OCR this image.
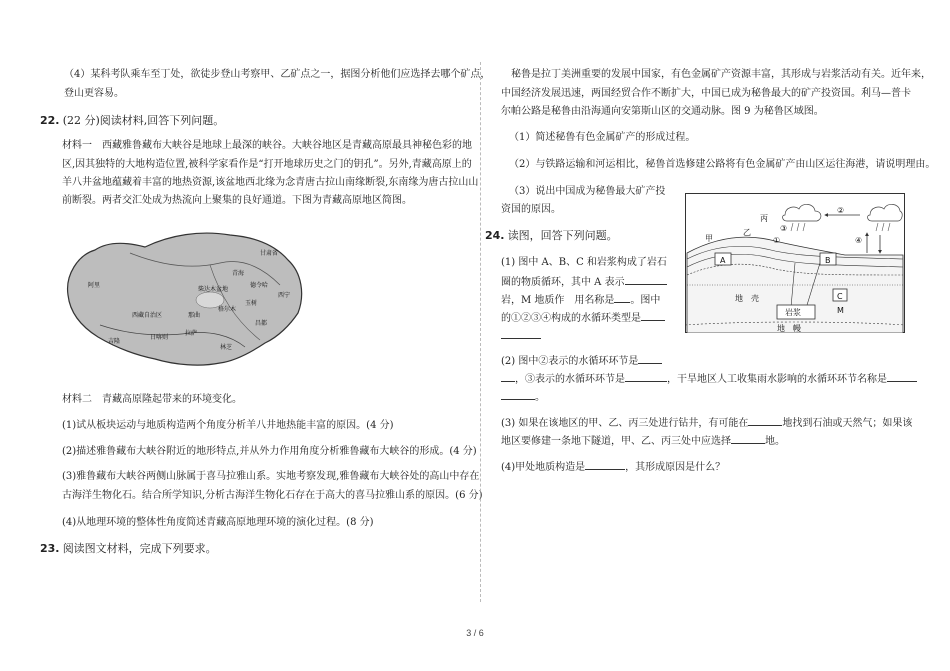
（4）某科考队乘车至丁处，欲徒步登山考察甲、乙矿点之一，据图分析他们应选择去哪个矿点，

登山更容易。

22. (22 分)阅读材料,回答下列问题。

材料一　西藏雅鲁藏布大峡谷是地球上最深的峡谷。大峡谷地区是青藏高原最具神秘色彩的地

区,因其独特的大地构造位置,被科学家看作是“打开地球历史之门的钥孔”。另外,青藏高原上的

羊八井盆地蕴藏着丰富的地热资源,该盆地西北缘为念青唐古拉山南缘断裂,东南缘为唐古拉山山

前断裂。两者交汇处成为热流向上聚集的良好通道。下图为青藏高原地区简图。

材料二　青藏高原隆起带来的环境变化。

(1)试从板块运动与地质构造两个角度分析羊八井地热能丰富的原因。(4 分)

(2)描述雅鲁藏布大峡谷附近的地形特点,并从外力作用角度分析雅鲁藏布大峡谷的形成。(4 分)

(3)雅鲁藏布大峡谷两侧山脉属于喜马拉雅山系。实地考察发现,雅鲁藏布大峡谷处的高山中存在

古海洋生物化石。结合所学知识,分析古海洋生物化石存在于高大的喜马拉雅山系的原因。(6 分)

(4)从地理环境的整体性角度简述青藏高原地理环境的演化过程。(8 分)

23. 阅读图文材料，完成下列要求。

柴达木盆地
青海
西藏自治区
甘肃省
吉隆
日喀则
拉萨
那曲
玉树
格尔木
德令哈
西宁
林芝
昌都
阿里

秘鲁是拉丁美洲重要的发展中国家，有色金属矿产资源丰富，其形成与岩浆活动有关。近年来，

中国经济发展迅速，两国经贸合作不断扩大，中国已成为秘鲁最大的矿产投资国。利马—普卡

尔帕公路是秘鲁由沿海通向安第斯山区的交通动脉。图 9 为秘鲁区域图。

（1）简述秘鲁有色金属矿产的形成过程。

（2）与铁路运输和河运相比，秘鲁首选修建公路将有色金属矿产由山区运往海港，请说明理由。

（3）说出中国成为秘鲁最大矿产投

资国的原因。

24. 读图，回答下列问题。

(1) 图中 A、B、C 和岩浆构成了岩石

圈的物质循环，其中 A 表示

岩，M 地质作　用名称是 。图中

的①②③④构成的水循环类型是

(2) 图中②表示的水循环环节是

，③表示的水循环环节是	，干旱地区人工收集雨水影响的水循环环节名称是

。

(3) 如果在该地区的甲、乙、丙三处进行钻井，有可能在	地找到石油或天然气；如果该

地区要修建一条地下隧道，甲、乙、丙三处中应选择	地。

(4)甲处地质构造是	，其形成原因是什么？

甲
乙
丙
A	B
C
M
岩浆
地　壳
地　幔
①
②
③
④
3 / 6
